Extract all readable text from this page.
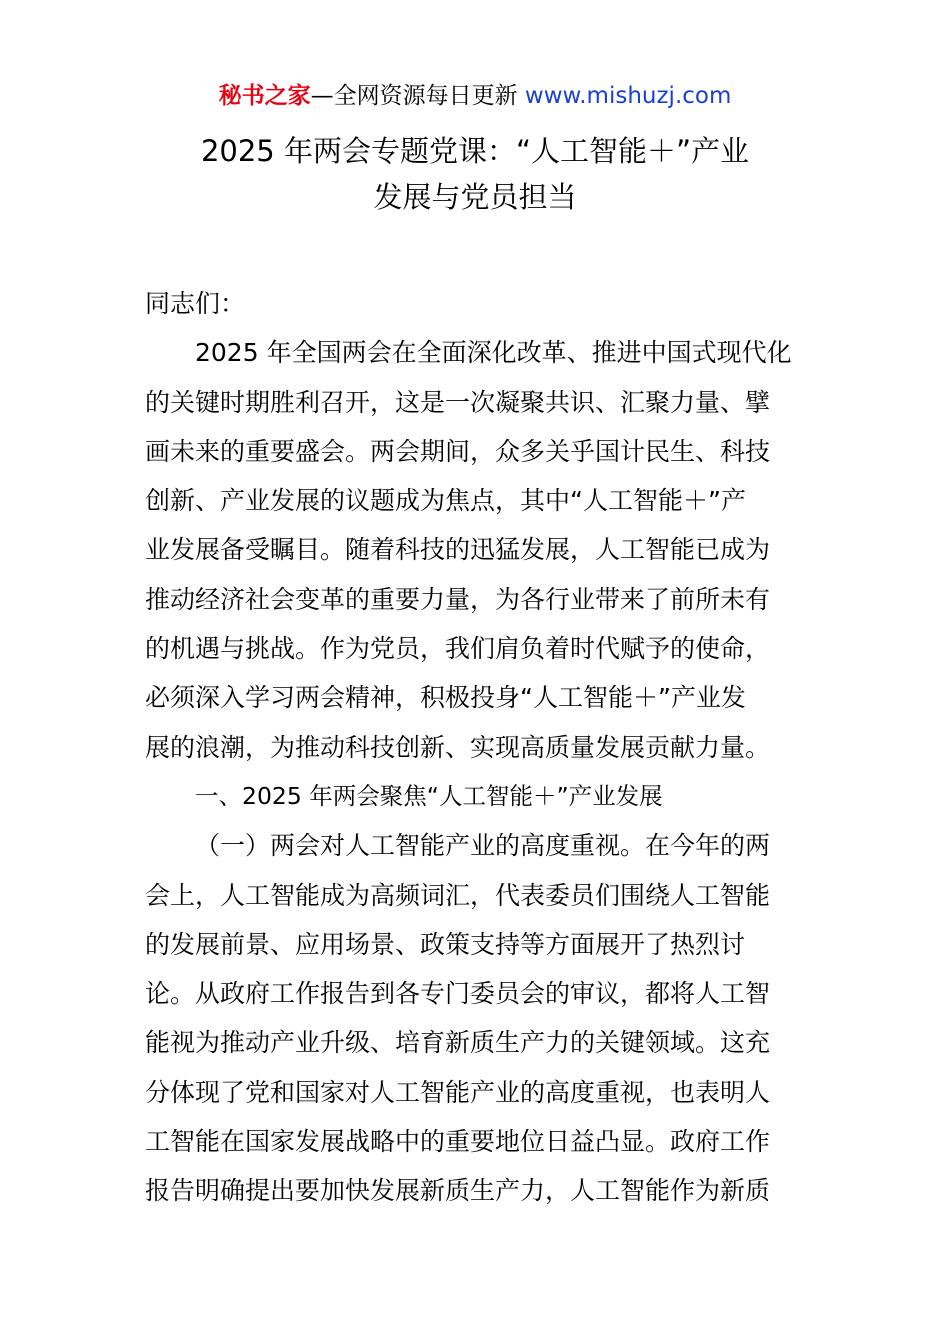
秘书之家—全网资源每日更新 www.mishuzj.com
2025 年两会专题党课：“人工智能＋”产业
发展与党员担当
同志们：
2025 年全国两会在全面深化改革、推进中国式现代化
的关键时期胜利召开，这是一次凝聚共识、汇聚力量、擘
画未来的重要盛会。两会期间，众多关乎国计民生、科技
创新、产业发展的议题成为焦点，其中“人工智能＋”产
业发展备受瞩目。随着科技的迅猛发展，人工智能已成为
推动经济社会变革的重要力量，为各行业带来了前所未有
的机遇与挑战。作为党员，我们肩负着时代赋予的使命，
必须深入学习两会精神，积极投身“人工智能＋”产业发
展的浪潮，为推动科技创新、实现高质量发展贡献力量。
一、2025 年两会聚焦“人工智能＋”产业发展
（一）两会对人工智能产业的高度重视。在今年的两
会上，人工智能成为高频词汇，代表委员们围绕人工智能
的发展前景、应用场景、政策支持等方面展开了热烈讨
论。从政府工作报告到各专门委员会的审议，都将人工智
能视为推动产业升级、培育新质生产力的关键领域。这充
分体现了党和国家对人工智能产业的高度重视，也表明人
工智能在国家发展战略中的重要地位日益凸显。政府工作
报告明确提出要加快发展新质生产力，人工智能作为新质
